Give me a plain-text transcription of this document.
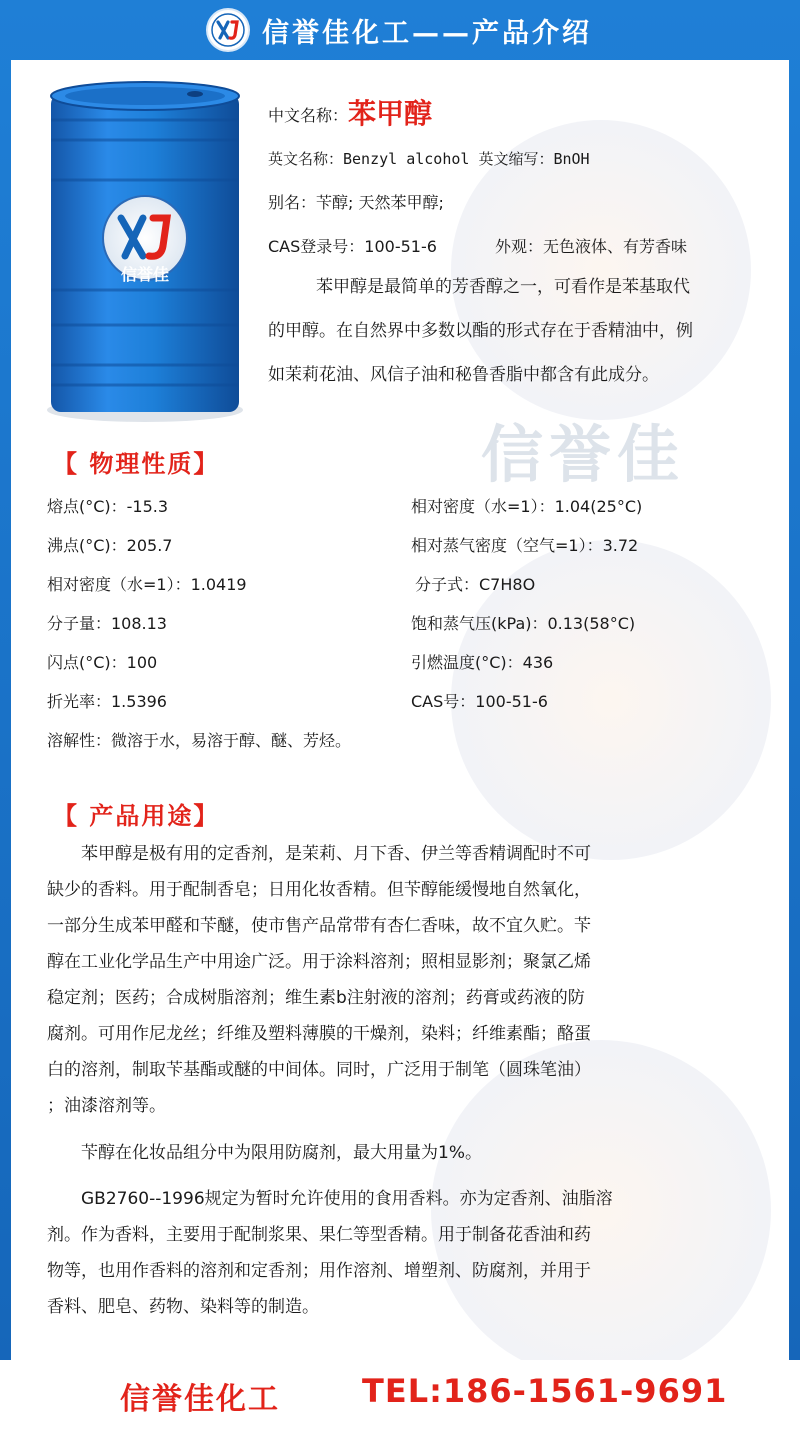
信誉佳化工——产品介绍
信誉佳
信誉佳
中文名称：苯甲醇
英文名称：Benzyl alcohol 英文缩写：BnOH
别名：苄醇; 天然苯甲醇;
CAS登录号：100-51-6	外观：无色液体、有芳香味
苯甲醇是最简单的芳香醇之一，可看作是苯基取代
的甲醇。在自然界中多数以酯的形式存在于香精油中，例
如茉莉花油、风信子油和秘鲁香脂中都含有此成分。
【 物理性质】
熔点(°C)：-15.3
沸点(°C)：205.7
相对密度（水=1）：1.0419
分子量：108.13
闪点(°C)：100
折光率：1.5396
相对密度（水=1）：1.04(25°C)
相对蒸气密度（空气=1）：3.72
分子式：C7H8O
饱和蒸气压(kPa)：0.13(58°C)
引燃温度(°C)：436
CAS号：100-51-6
溶解性：微溶于水，易溶于醇、醚、芳烃。
【 产品用途】
　　苯甲醇是极有用的定香剂，是茉莉、月下香、伊兰等香精调配时不可
缺少的香料。用于配制香皂；日用化妆香精。但苄醇能缓慢地自然氧化，
一部分生成苯甲醛和苄醚，使市售产品常带有杏仁香味，故不宜久贮。苄
醇在工业化学品生产中用途广泛。用于涂料溶剂；照相显影剂；聚氯乙烯
稳定剂；医药；合成树脂溶剂；维生素b注射液的溶剂；药膏或药液的防
腐剂。可用作尼龙丝；纤维及塑料薄膜的干燥剂，染料；纤维素酯；酪蛋
白的溶剂，制取苄基酯或醚的中间体。同时，广泛用于制笔（圆珠笔油）
；油漆溶剂等。
　　苄醇在化妆品组分中为限用防腐剂，最大用量为1%。
　　GB2760--1996规定为暂时允许使用的食用香料。亦为定香剂、油脂溶
剂。作为香料，主要用于配制浆果、果仁等型香精。用于制备花香油和药
物等，也用作香料的溶剂和定香剂；用作溶剂、增塑剂、防腐剂，并用于
香料、肥皂、药物、染料等的制造。
信誉佳化工	TEL:186-1561-9691
